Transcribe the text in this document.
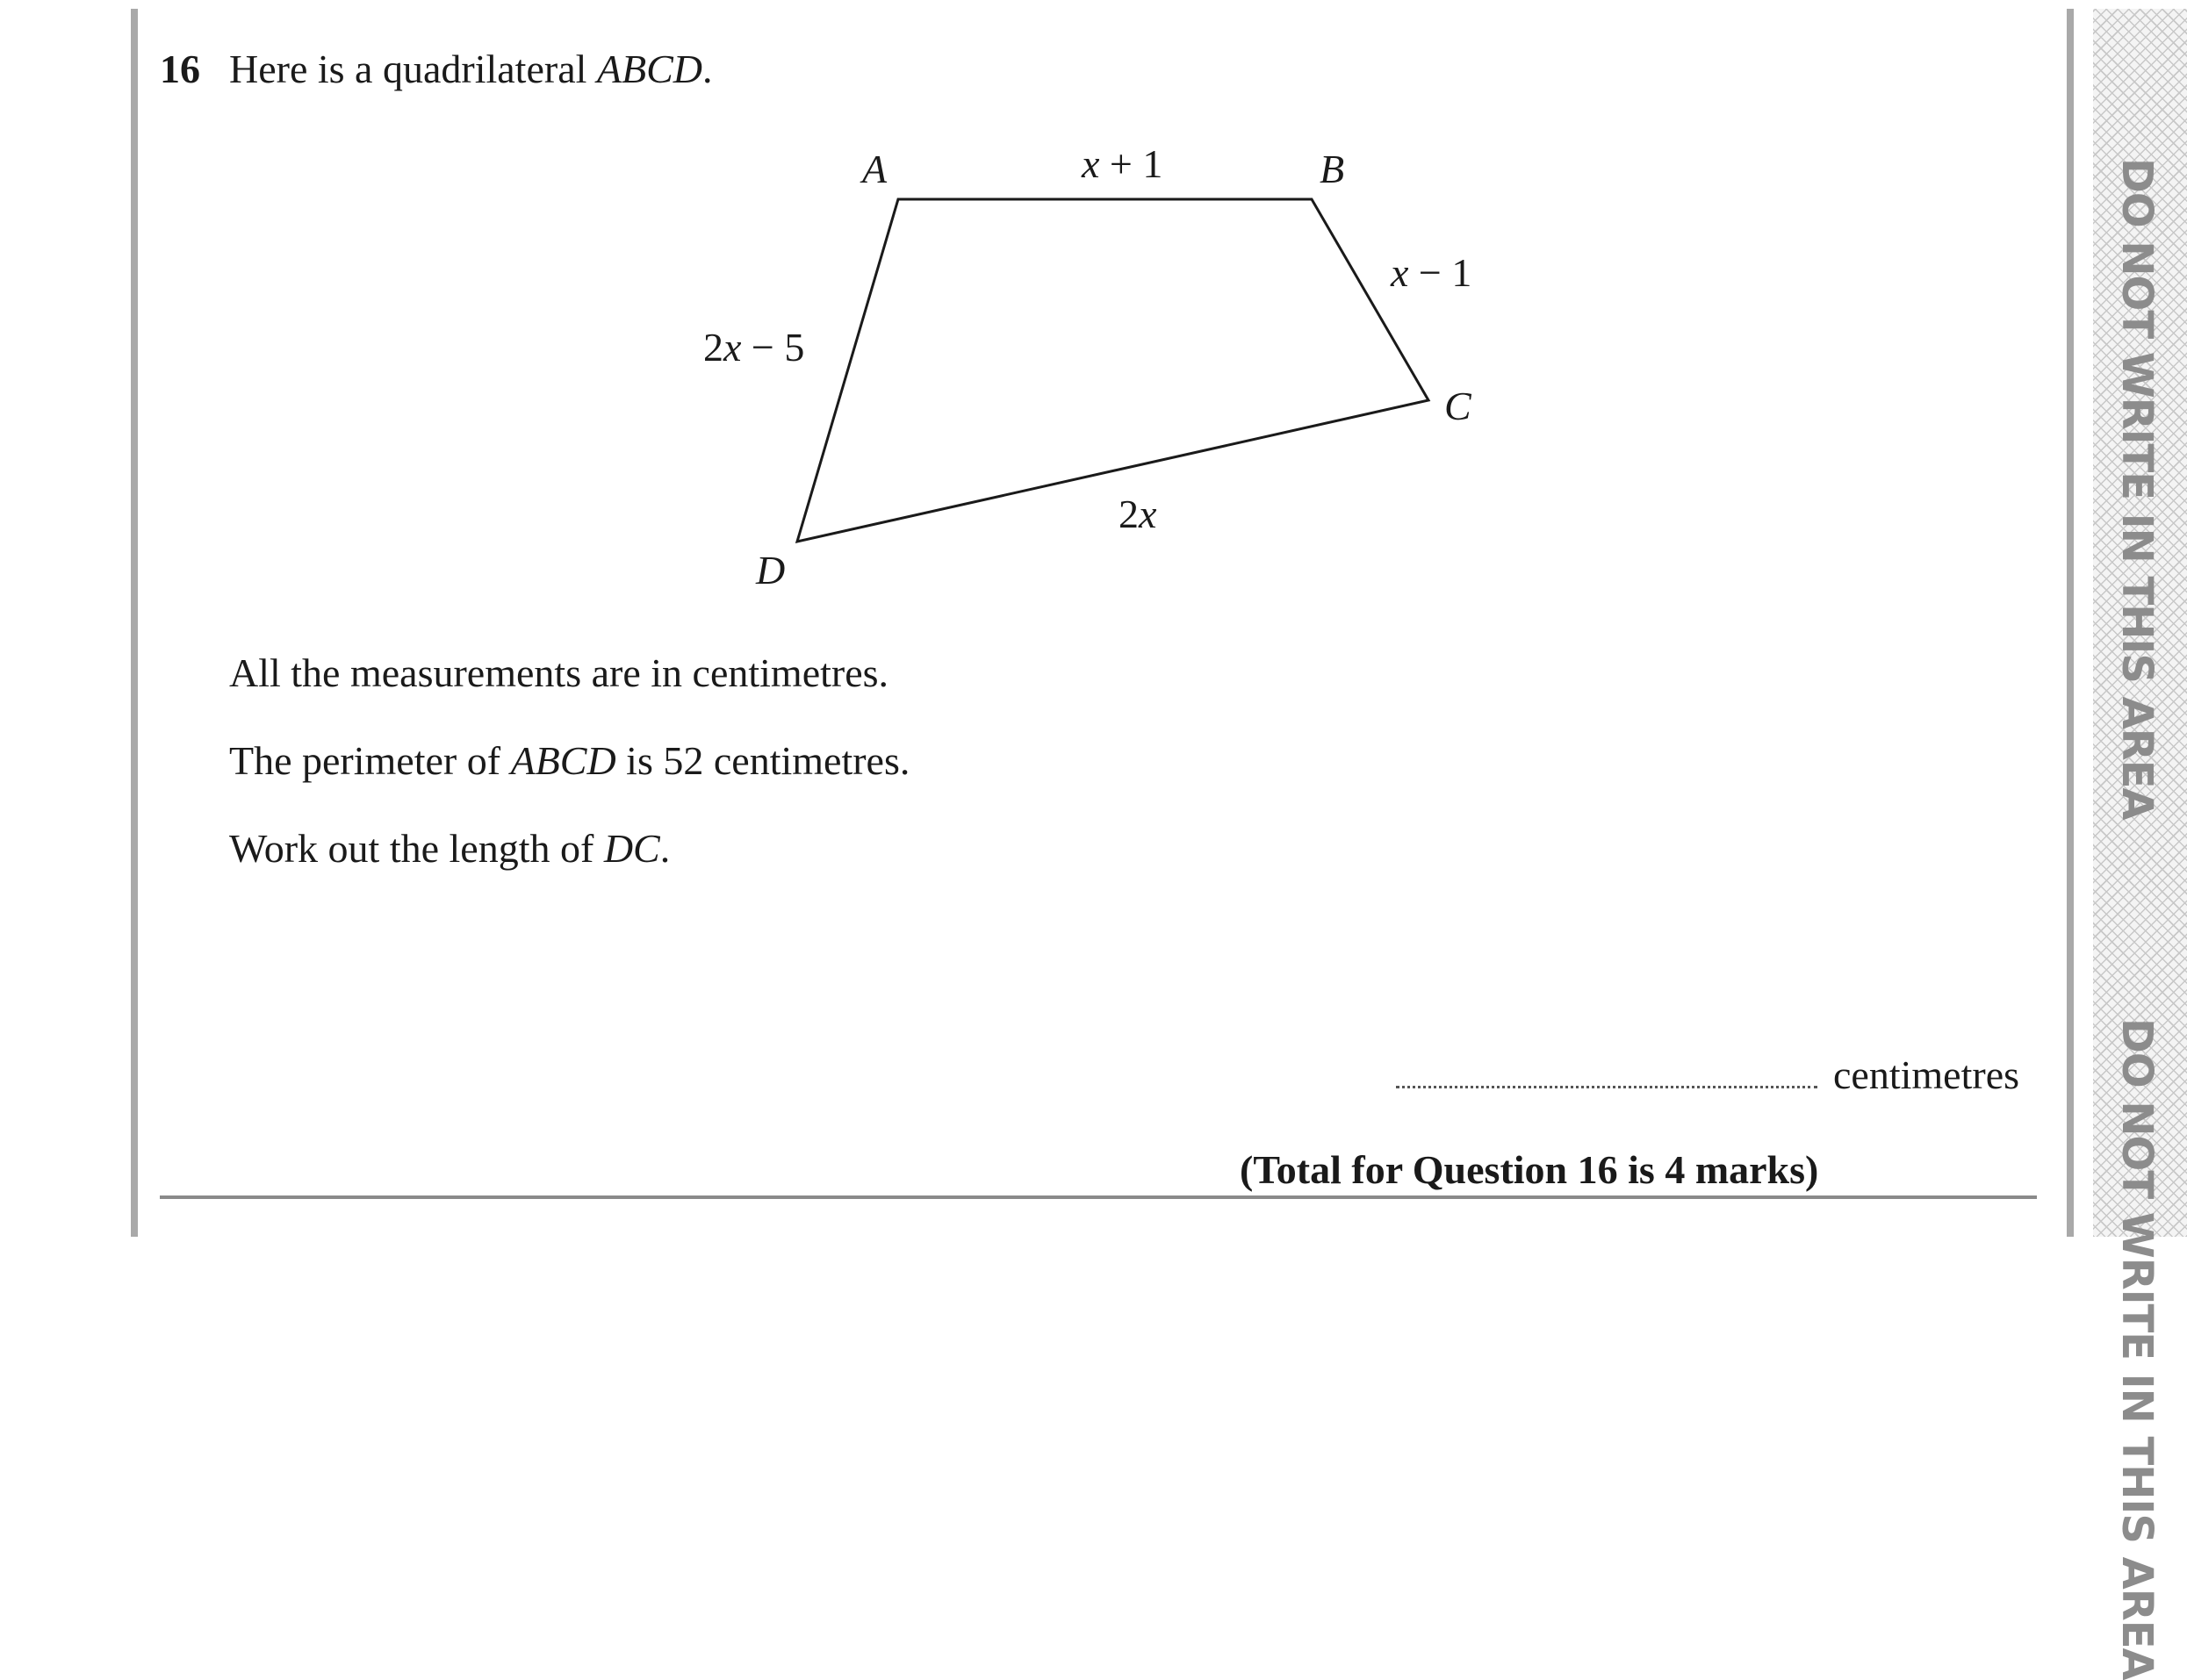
DO NOT WRITE IN THIS AREA
DO NOT WRITE IN THIS AREA
16 Here is a quadrilateral ABCD.
A	B
C
D
x + 1
x − 1
2x − 5
2x
All the measurements are in centimetres.
The perimeter of ABCD is 52 centimetres.
Work out the length of DC.
centimetres
(Total for Question 16 is 4 marks)
